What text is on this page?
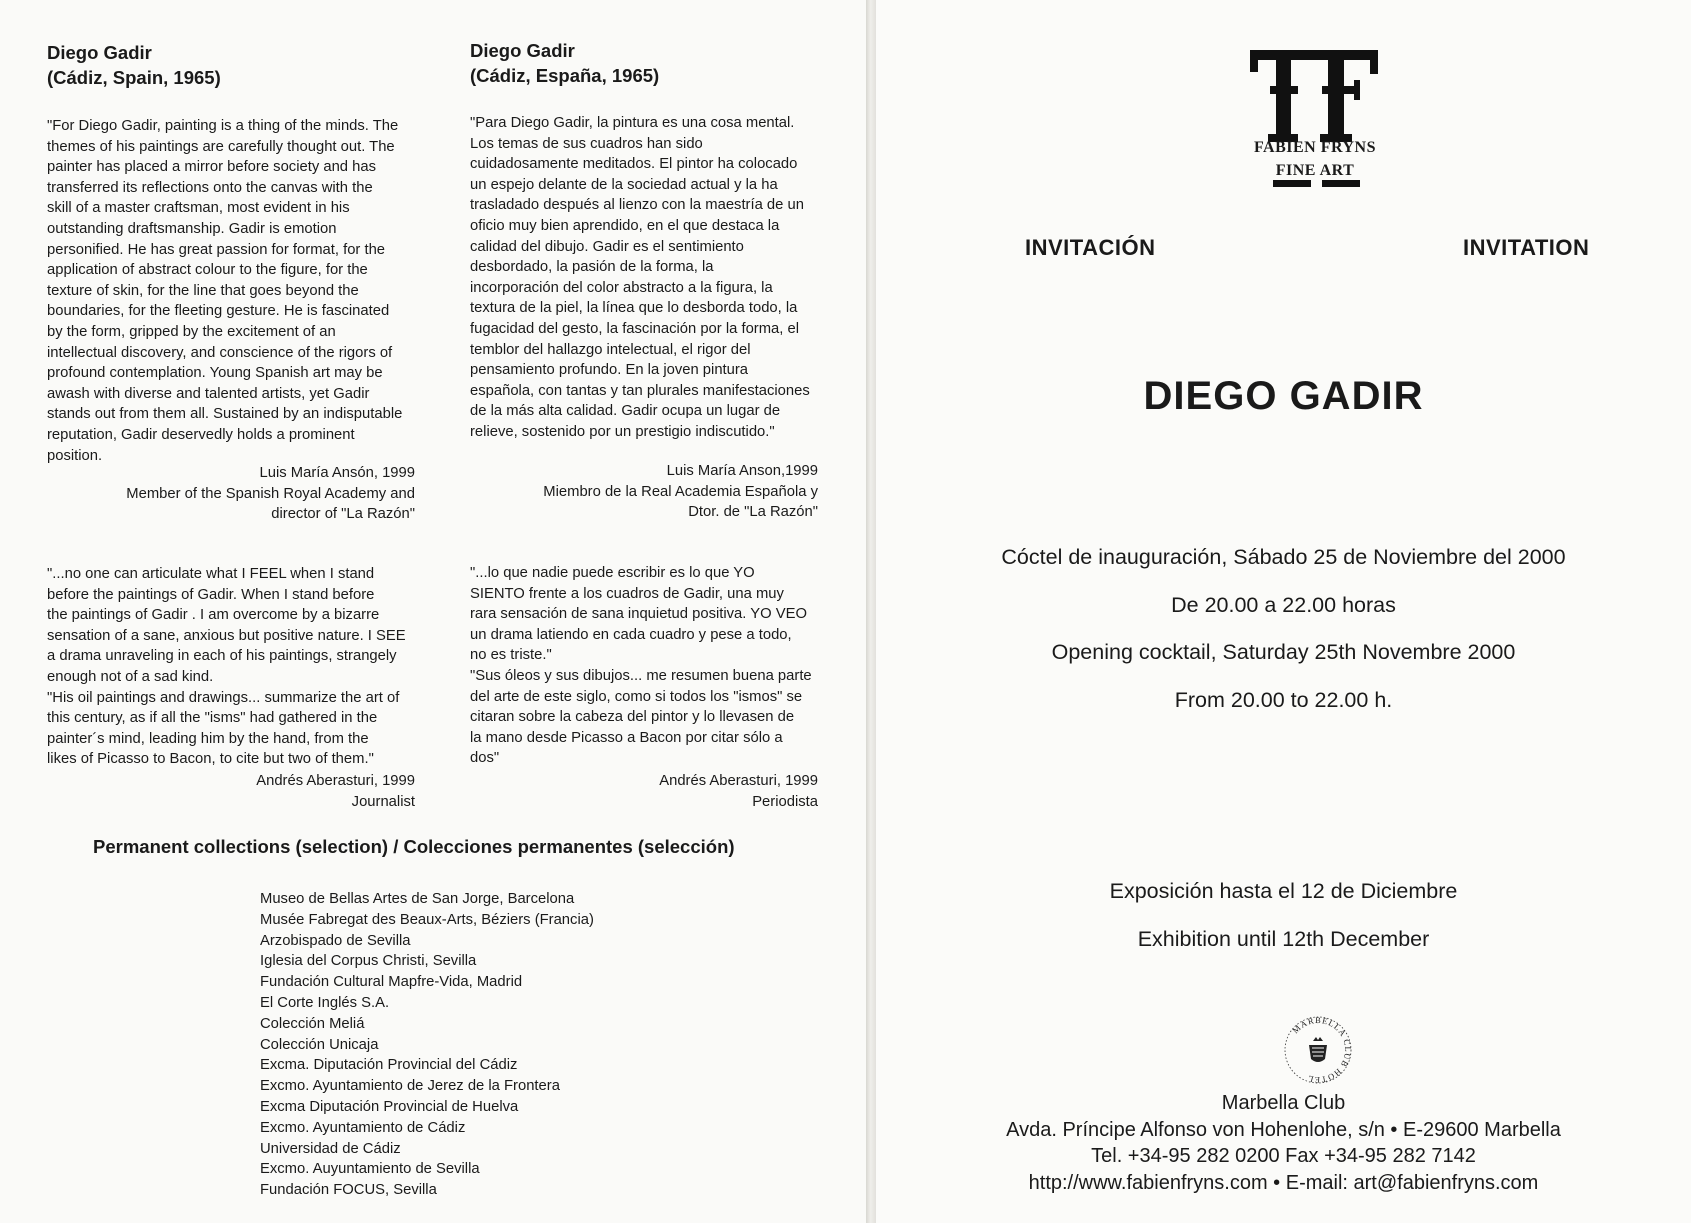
Diego Gadir
(Cádiz, Spain, 1965)
"For Diego Gadir, painting is a thing of the minds. The
themes of his paintings are carefully thought out. The
painter has placed a mirror before society and has
transferred its reflections onto the canvas with the
skill of a master craftsman, most evident in his
outstanding draftsmanship. Gadir is emotion
personified. He has great passion for format, for the
application of abstract colour to the figure, for the
texture of skin, for the line that goes beyond the
boundaries, for the fleeting gesture. He is fascinated
by the form, gripped by the excitement of an
intellectual discovery, and conscience of the rigors of
profound contemplation. Young Spanish art may be
awash with diverse and talented artists, yet Gadir
stands out from them all. Sustained by an indisputable
reputation, Gadir deservedly holds a prominent
position.
Luis María Ansón, 1999
Member of the Spanish Royal Academy and
director of "La Razón"
"...no one can articulate what I FEEL when I stand
before the paintings of Gadir. When I stand before
the paintings of Gadir . I am overcome by a bizarre
sensation of a sane, anxious but positive nature. I SEE
a drama unraveling in each of his paintings, strangely
enough not of a sad kind.
"His oil paintings and drawings... summarize the art of
this century, as if all the "isms" had gathered in the
painter´s mind, leading him by the hand, from the
likes of Picasso to Bacon, to cite but two of them."
Andrés Aberasturi, 1999
Journalist
Diego Gadir
(Cádiz, España, 1965)
"Para Diego Gadir, la pintura es una cosa mental.
Los temas de sus cuadros han sido
cuidadosamente meditados. El pintor ha colocado
un espejo delante de la sociedad actual y la ha
trasladado después al lienzo con la maestría de un
oficio muy bien aprendido, en el que destaca la
calidad del dibujo. Gadir es el sentimiento
desbordado, la pasión de la forma, la
incorporación del color abstracto a la figura, la
textura de la piel, la línea que lo desborda todo, la
fugacidad del gesto, la fascinación por la forma, el
temblor del hallazgo intelectual, el rigor del
pensamiento profundo. En la joven pintura
española, con tantas y tan plurales manifestaciones
de la más alta calidad. Gadir ocupa un lugar de
relieve, sostenido por un prestigio indiscutido."
Luis María Anson,1999
Miembro de la Real Academia Española y
Dtor. de "La Razón"
"...lo que nadie puede escribir es lo que YO
SIENTO frente a los cuadros de Gadir, una muy
rara sensación de sana inquietud positiva. YO VEO
un drama latiendo en cada cuadro y pese a todo,
no es triste."
"Sus óleos y sus dibujos... me resumen buena parte
del arte de este siglo, como si todos los "ismos" se
citaran sobre la cabeza del pintor y lo llevasen de
la mano desde Picasso a Bacon por citar sólo a
dos"
Andrés Aberasturi, 1999
Periodista
Permanent collections (selection) / Colecciones permanentes (selección)
Museo de Bellas Artes de San Jorge, Barcelona
Musée Fabregat des Beaux-Arts, Béziers (Francia)
Arzobispado de Sevilla
Iglesia del Corpus Christi, Sevilla
Fundación Cultural Mapfre-Vida, Madrid
El Corte Inglés S.A.
Colección Meliá
Colección Unicaja
Excma. Diputación Provincial del Cádiz
Excmo. Ayuntamiento de Jerez de la Frontera
Excma Diputación Provincial de Huelva
Excmo. Ayuntamiento de Cádiz
Universidad de Cádiz
Excmo. Auyuntamiento de Sevilla
Fundación FOCUS, Sevilla
FABIEN FRYNS
FINE ART
INVITACIÓN	INVITATION
DIEGO GADIR
Cóctel de inauguración, Sábado 25 de Noviembre del 2000
De 20.00 a 22.00 horas
Opening cocktail, Saturday 25th Novembre 2000
From 20.00 to 22.00 h.
Exposición hasta el 12 de Diciembre
Exhibition until 12th December
MARBELLA CLUB HOTEL
Marbella Club
Avda. Príncipe Alfonso von Hohenlohe, s/n • E-29600 Marbella
Tel. +34-95 282 0200 Fax +34-95 282 7142
http://www.fabienfryns.com • E-mail: art@fabienfryns.com
